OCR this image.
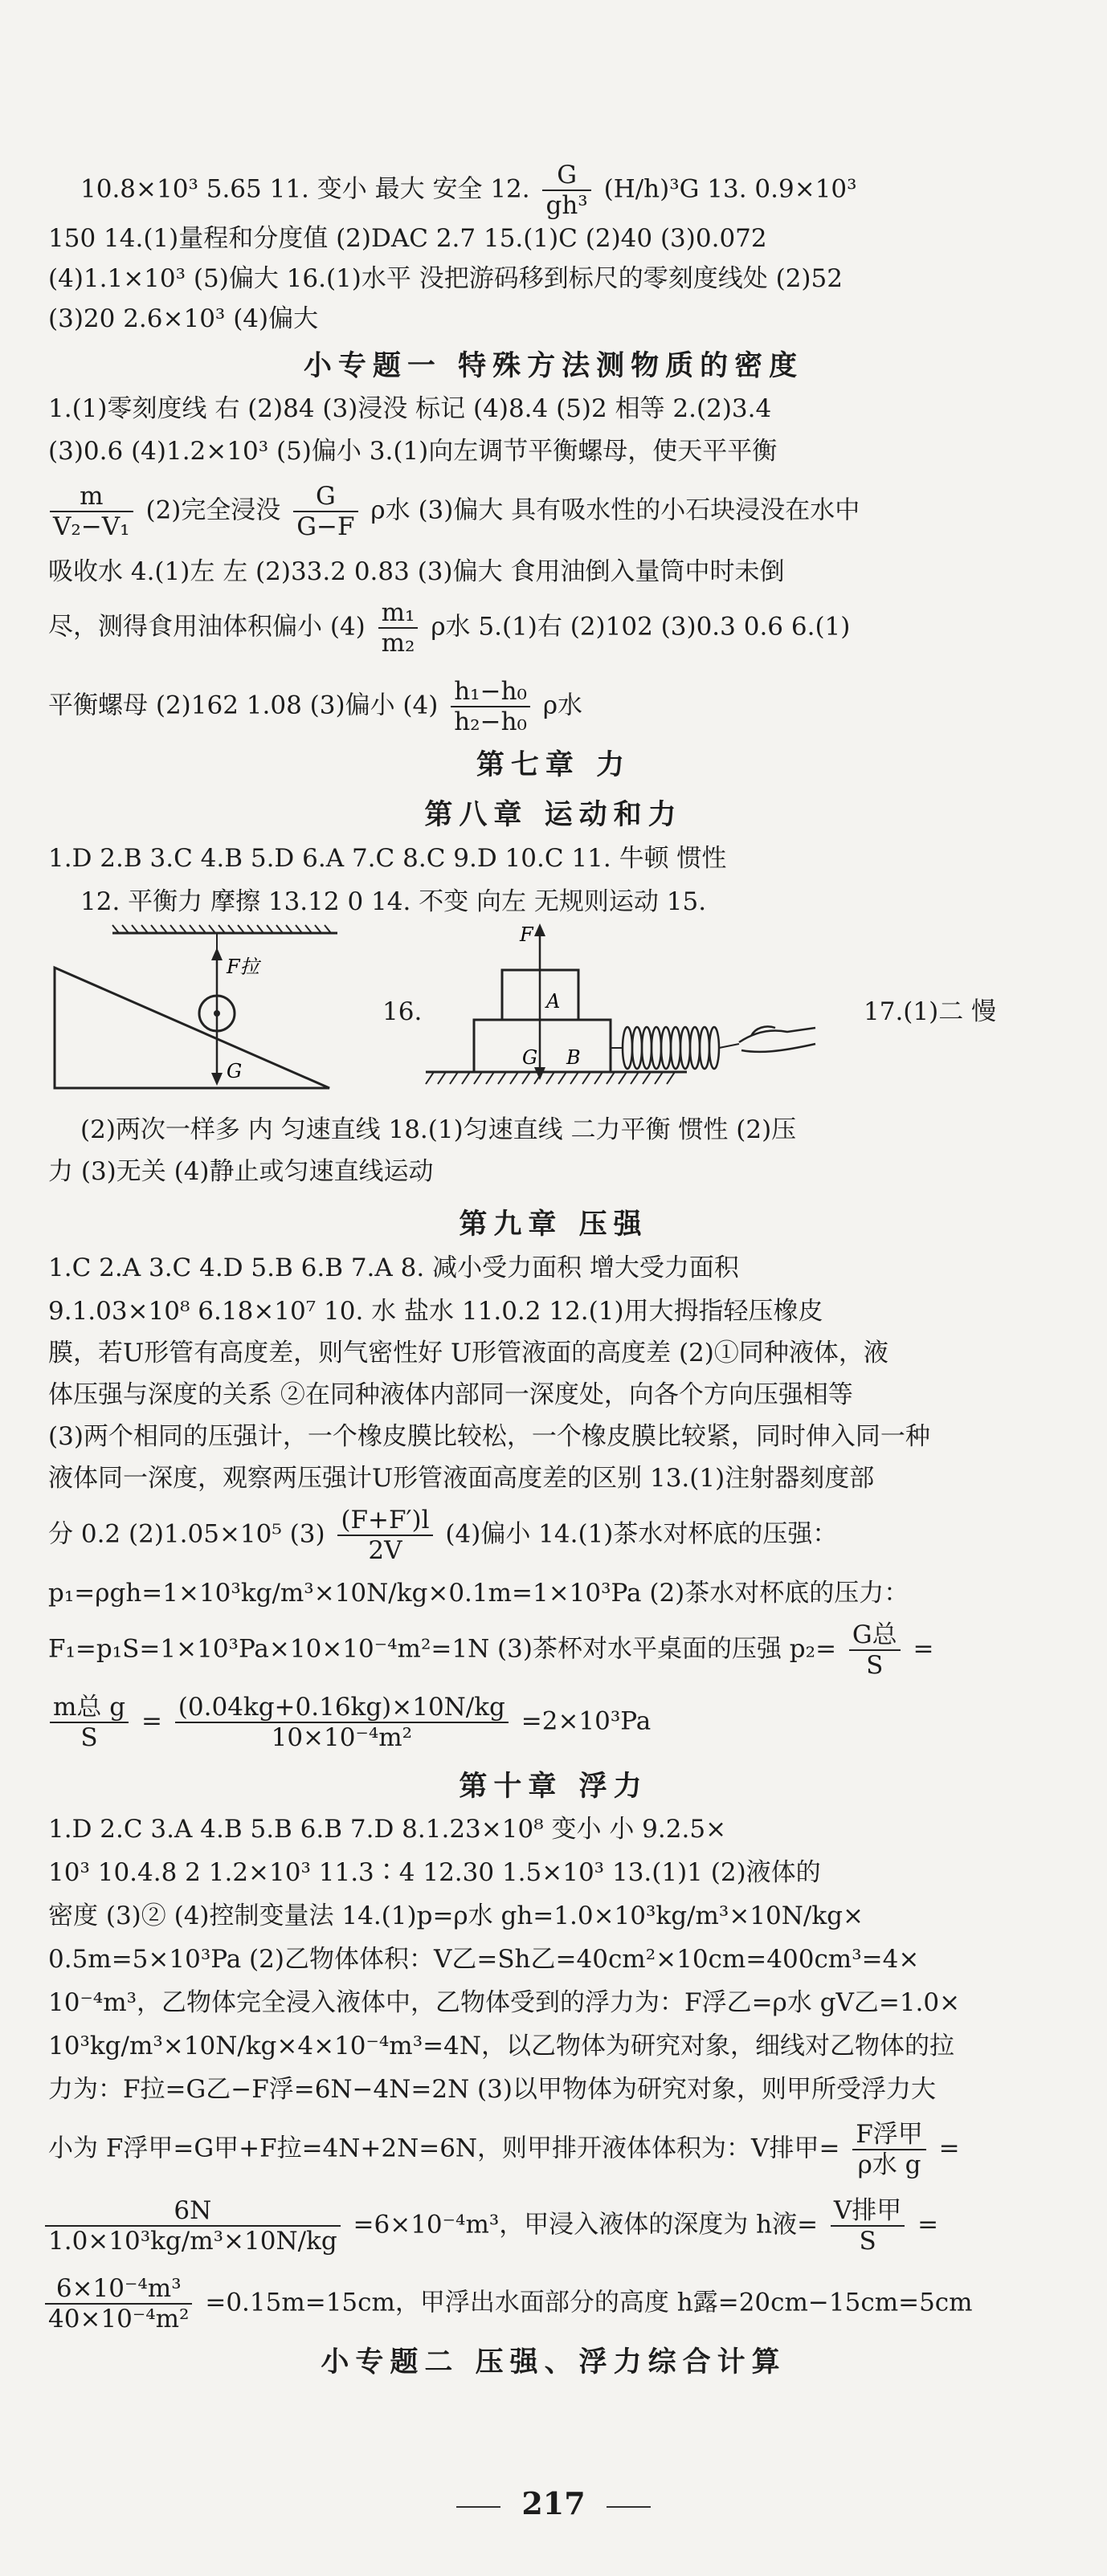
10.8×10³ 5.65 11. 变小 最大 安全 12. $\frac{G}{\text{gh³}} (H/h)^3G$ 13. 0.9×10³
150 14.(1)量程和分度值 (2)DAC 2.7 15.(1)C (2)40 (3)0.072
(4)1.1×10³ (5)偏大 16.(1)水平 没把游码移到标尺的零刻度线处 (2)52
(3)20 2.6×10³ (4)偏大
小专题一 特殊方法测物质的密度
1.(1)零刻度线 右 (2)84 (3)浸没 标记 (4)8.4 (5)2 相等 2.(2)3.4
(3)0.6 (4)1.2×10³ (5)偏小 3.(1)向左调节平衡螺母，使天平平衡
$\frac{m}{\text{V₂−V₁}} (2)$完全浸没 $\frac{G}{G-F}$ ρ水 (3)偏大 具有吸水性的小石块浸没在水中
吸收水 4.(1)左 左 (2)33.2 0.83 (3)偏大 食用油倒入量筒中时未倒
尽，测得食用油体积偏小 $(4) \frac{\text{m₁}}{\text{m₂}}$ ρ水 5.(1)右 (2)102 (3)0.3 0.6 6.(1)
平衡螺母 (2)162 1.08 (3)偏小 $(4) \frac{\text{h₁−h₀}}{\text{h₂−h₀}}$ ρ水
第七章 力
第八章 运动和力
1.D 2.B 3.C 4.B 5.D 6.A 7.C 8.C 9.D 10.C 11. 牛顿 惯性
12. 平衡力 摩擦 13.12 0 14. 不变 向左 无规则运动 15.
F拉
G
16.
F
A
G B
17.(1)二 慢
(2)两次一样多 内 匀速直线 18.(1)匀速直线 二力平衡 惯性 (2)压
力 (3)无关 (4)静止或匀速直线运动
第九章 压强
1.C 2.A 3.C 4.D 5.B 6.B 7.A 8. 减小受力面积 增大受力面积
9.1.03×10⁸ 6.18×10⁷ 10. 水 盐水 11.0.2 12.(1)用大拇指轻压橡皮
膜，若U形管有高度差，则气密性好 U形管液面的高度差 (2)①同种液体，液
体压强与深度的关系 ②在同种液体内部同一深度处，向各个方向压强相等
(3)两个相同的压强计，一个橡皮膜比较松，一个橡皮膜比较紧，同时伸入同一种
液体同一深度，观察两压强计U形管液面高度差的区别 13.(1)注射器刻度部
分 0.2 (2)1.05×10⁵ $(3) \frac{(F+F')l}{2V} (4)$偏小 14.(1)茶水对杯底的压强：
p₁=ρgh=1×10³kg/m³×10N/kg×0.1m=1×10³Pa (2)茶水对杯底的压力：
F₁=p₁S=1×10³Pa×10×10⁻⁴m²=1N (3)茶杯对水平桌面的压强 p₂= G总
S
=
m总 g
S
= $\frac{(0.04kg+0.16kg)\times 10N/kg}{\text{10×10⁻⁴m²}} =2\times 10^3Pa$
第十章 浮力
1.D 2.C 3.A 4.B 5.B 6.B 7.D 8.1.23×10⁸ 变小 小 9.2.5×
10³ 10.4.8 2 1.2×10³ 11.3∶4 12.30 1.5×10³ 13.(1)1 (2)液体的
密度 (3)② (4)控制变量法 14.(1)p=ρ水 gh=1.0×10³kg/m³×10N/kg×
0.5m=5×10³Pa (2)乙物体体积：V乙=Sh乙=40cm²×10cm=400cm³=4×
10⁻⁴m³，乙物体完全浸入液体中，乙物体受到的浮力为：F浮乙=ρ水 gV乙=1.0×
10³kg/m³×10N/kg×4×10⁻⁴m³=4N，以乙物体为研究对象，细线对乙物体的拉
力为：F拉=G乙−F浮=6N−4N=2N (3)以甲物体为研究对象，则甲所受浮力大
小为 F浮甲=G甲+F拉=4N+2N=6N，则甲排开液体体积为：V排甲= F浮甲
ρ水 g
=
$\frac{6N}{\text{1.0×10³kg/m³×10N/kg}} =6\times 10^{-4}m^3$，甲浸入液体的深度为 h液= V排甲
S
=
$\frac{\text{6×10⁻⁴m³}}{\text{40×10⁻⁴m²}} =0.15m=15cm$，甲浮出水面部分的高度 h露=20cm−15cm=5cm
小专题二 压强、浮力综合计算
217
